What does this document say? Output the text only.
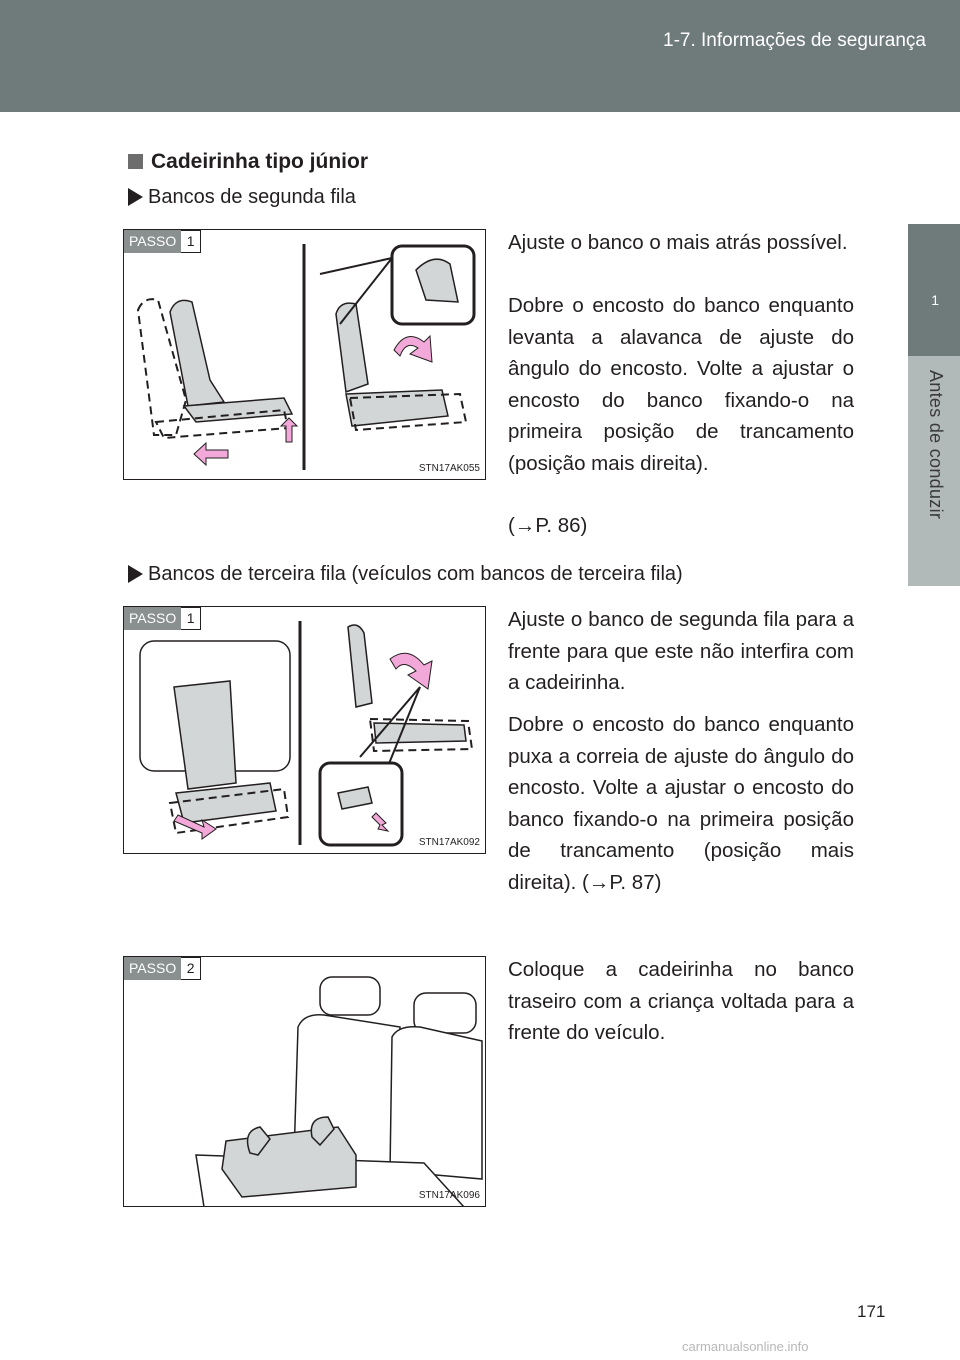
1-7. Informações de segurança
1
Antes de conduzir
Cadeirinha tipo júnior
Bancos de segunda fila
PASSO 1
STN17AK055

Ajuste o banco o mais atrás possível.

Dobre o encosto do banco enquanto levanta a alavanca de ajuste do ângulo do encosto. Volte a ajustar o encosto do banco fixando-o na primeira posição de trancamento (posição mais direita).

(→P. 86)

Bancos de terceira fila (veículos com bancos de terceira fila)
PASSO 1
STN17AK092

Ajuste o banco de segunda fila para a frente para que este não interfira com a cadeirinha.

Dobre o encosto do banco enquanto puxa a correia de ajuste do ângulo do encosto. Volte a ajustar o encosto do banco fixando-o na primeira posição de trancamento (posição mais direita). (→P. 87)

PASSO 2
STN17AK096

Coloque a cadeirinha no banco traseiro com a criança voltada para a frente do veículo.

171
carmanualsonline.info
